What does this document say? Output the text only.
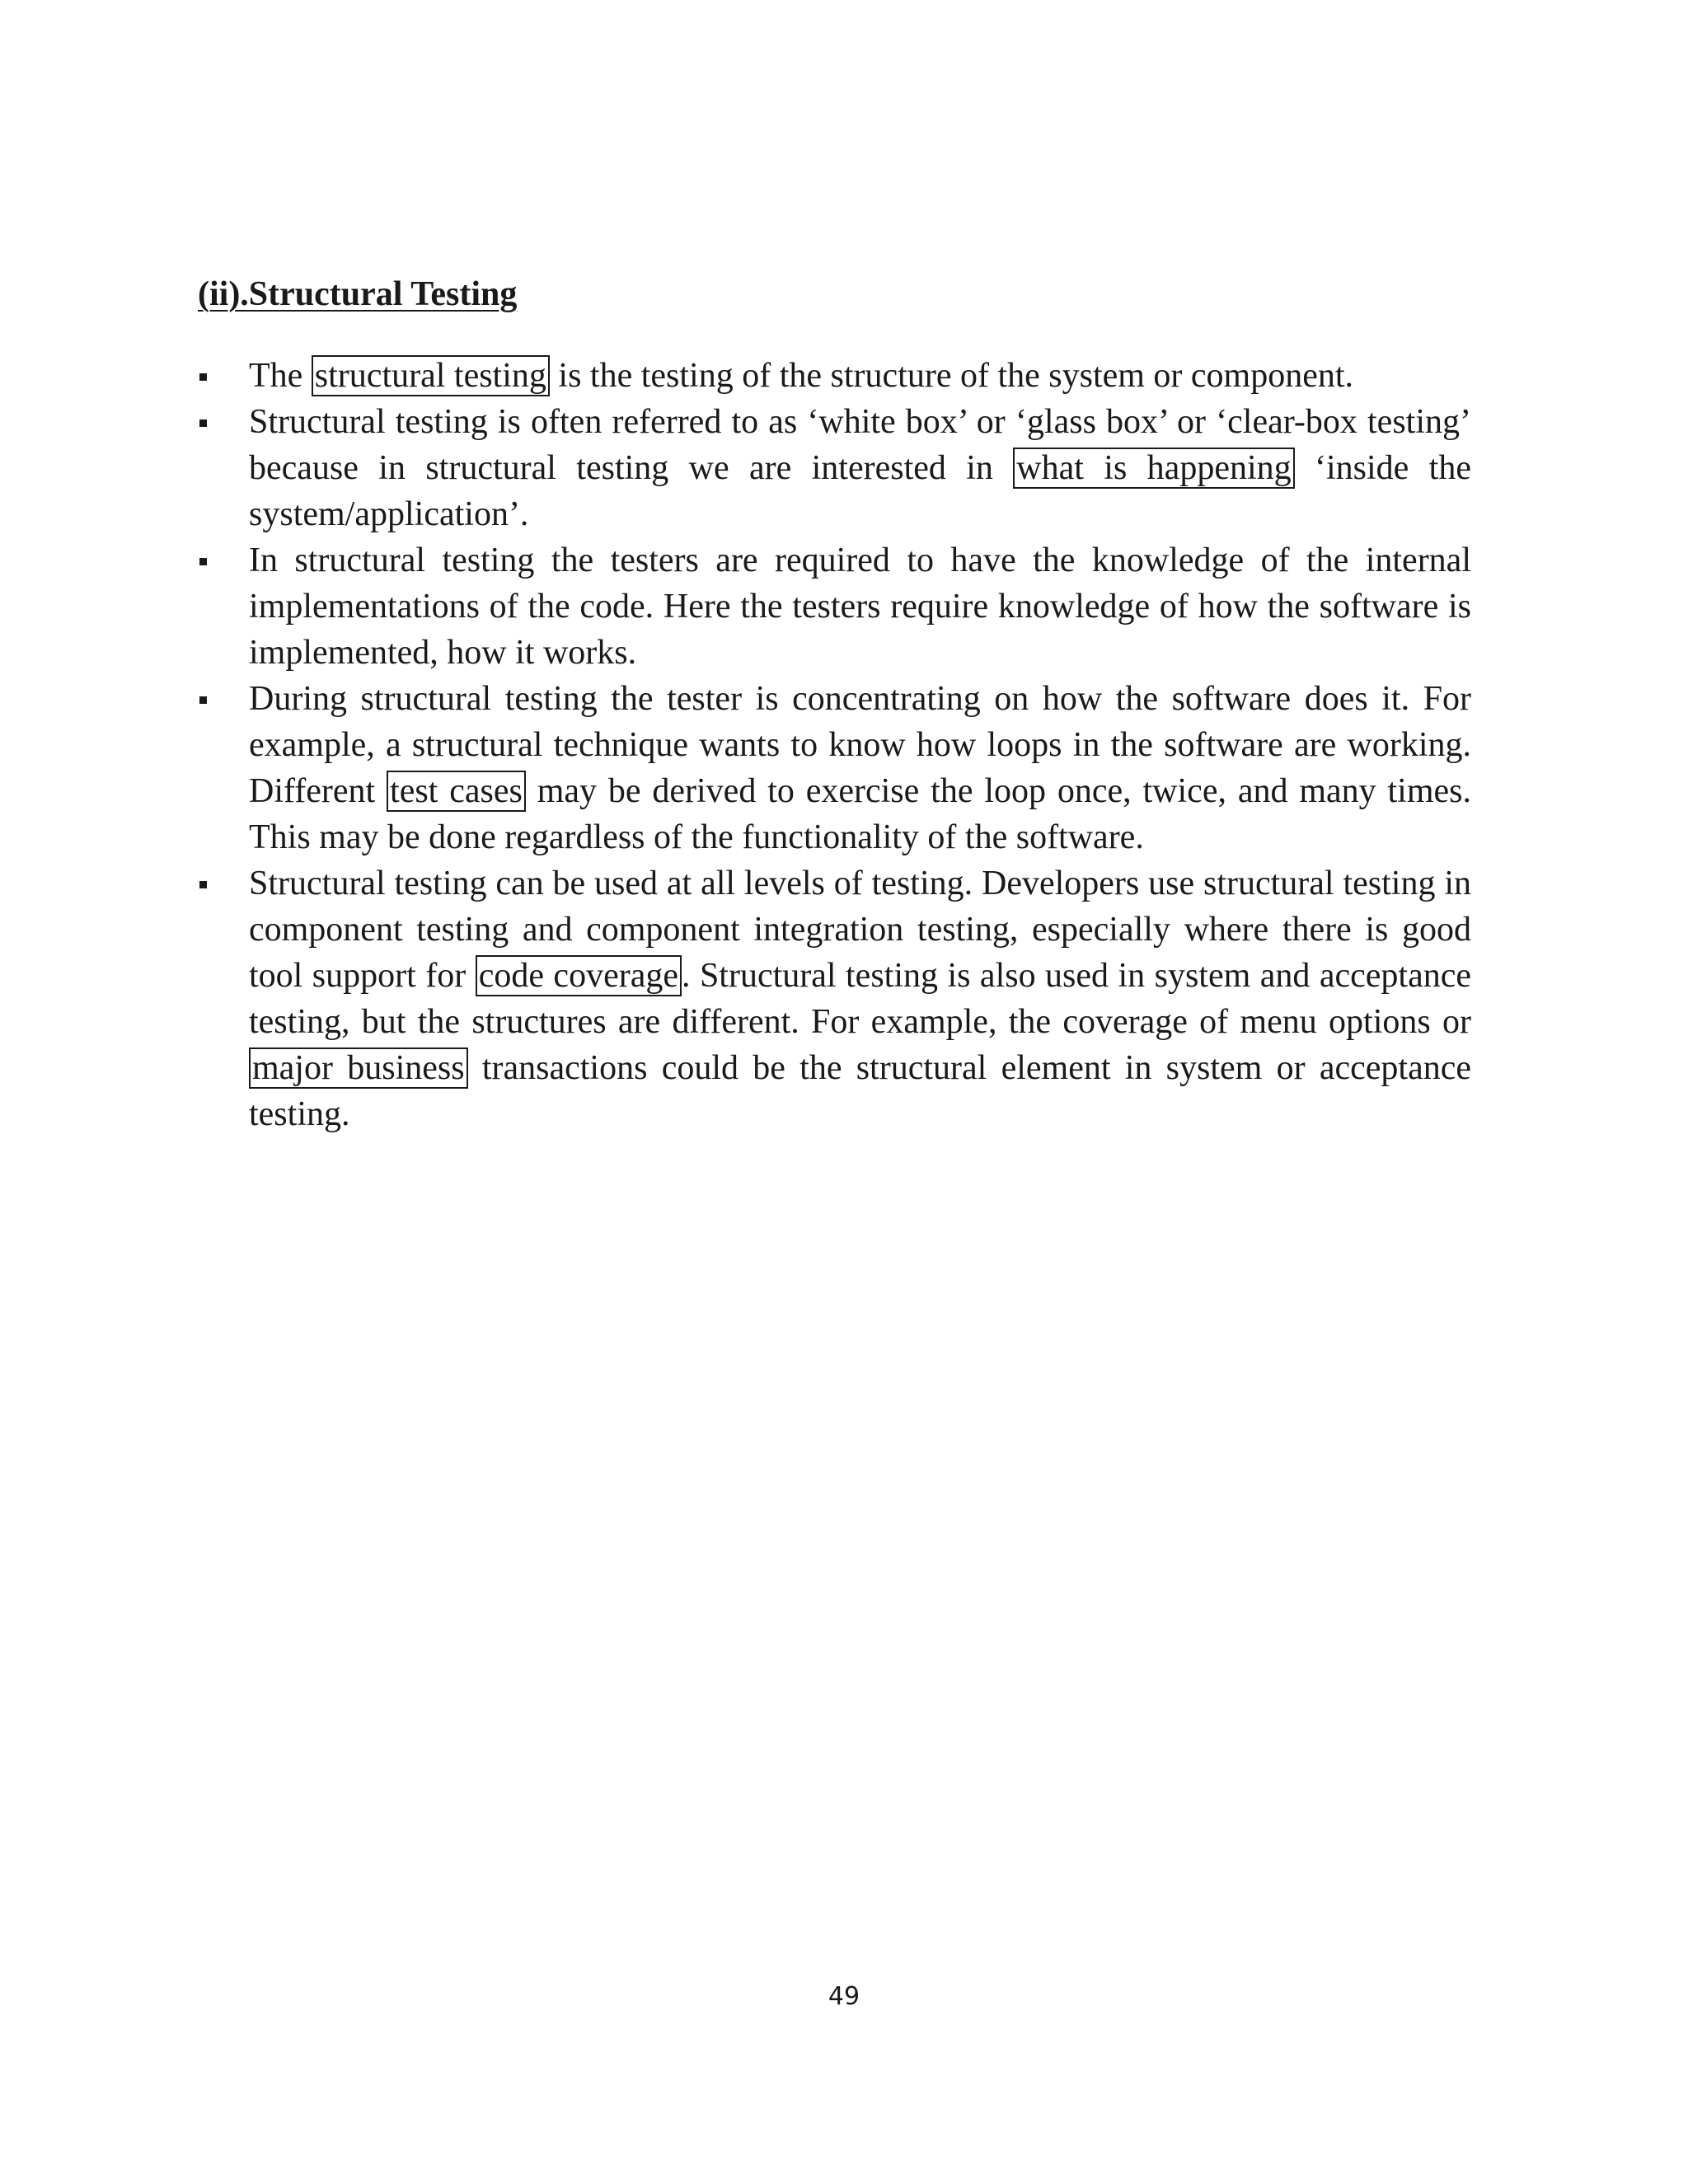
(ii).Structural Testing
The structural testing is the testing of the structure of the system or component.
Structural testing is often referred to as ‘white box’ or ‘glass box’ or ‘clear-box testing’ because in structural testing we are interested in what is happening ‘inside the system/application’.
In structural testing the testers are required to have the knowledge of the internal implementations of the code. Here the testers require knowledge of how the software is implemented, how it works.
During structural testing the tester is concentrating on how the software does it. For example, a structural technique wants to know how loops in the software are working. Different test cases may be derived to exercise the loop once, twice, and many times. This may be done regardless of the functionality of the software.
Structural testing can be used at all levels of testing. Developers use structural testing in component testing and component integration testing, especially where there is good tool support for code coverage. Structural testing is also used in system and acceptance testing, but the structures are different. For example, the coverage of menu options or major business transactions could be the structural element in system or acceptance testing.

49
